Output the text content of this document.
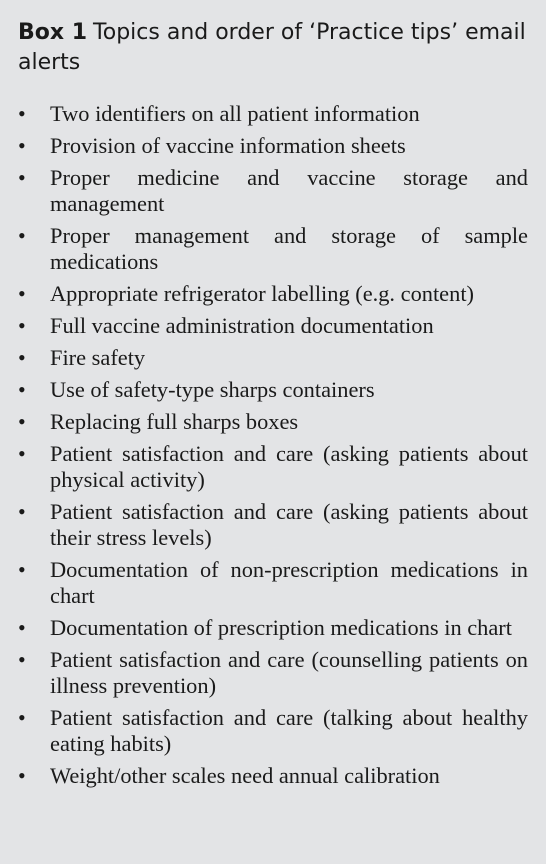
Box 1 Topics and order of ‘Practice tips’ email alerts
•	Two identifiers on all patient information
•	Provision of vaccine information sheets
•	Proper medicine and vaccine storage and management
•	Proper management and storage of sample medications
•	Appropriate refrigerator labelling (e.g. content)
•	Full vaccine administration documentation
•	Fire safety
•	Use of safety-type sharps containers
•	Replacing full sharps boxes
•	Patient satisfaction and care (asking patients about physical activity)
•	Patient satisfaction and care (asking patients about their stress levels)
•	Documentation of non-prescription medications in chart
•	Documentation of prescription medications in chart
•	Patient satisfaction and care (counselling patients on illness prevention)
•	Patient satisfaction and care (talking about healthy eating habits)
•	Weight/other scales need annual calibration
